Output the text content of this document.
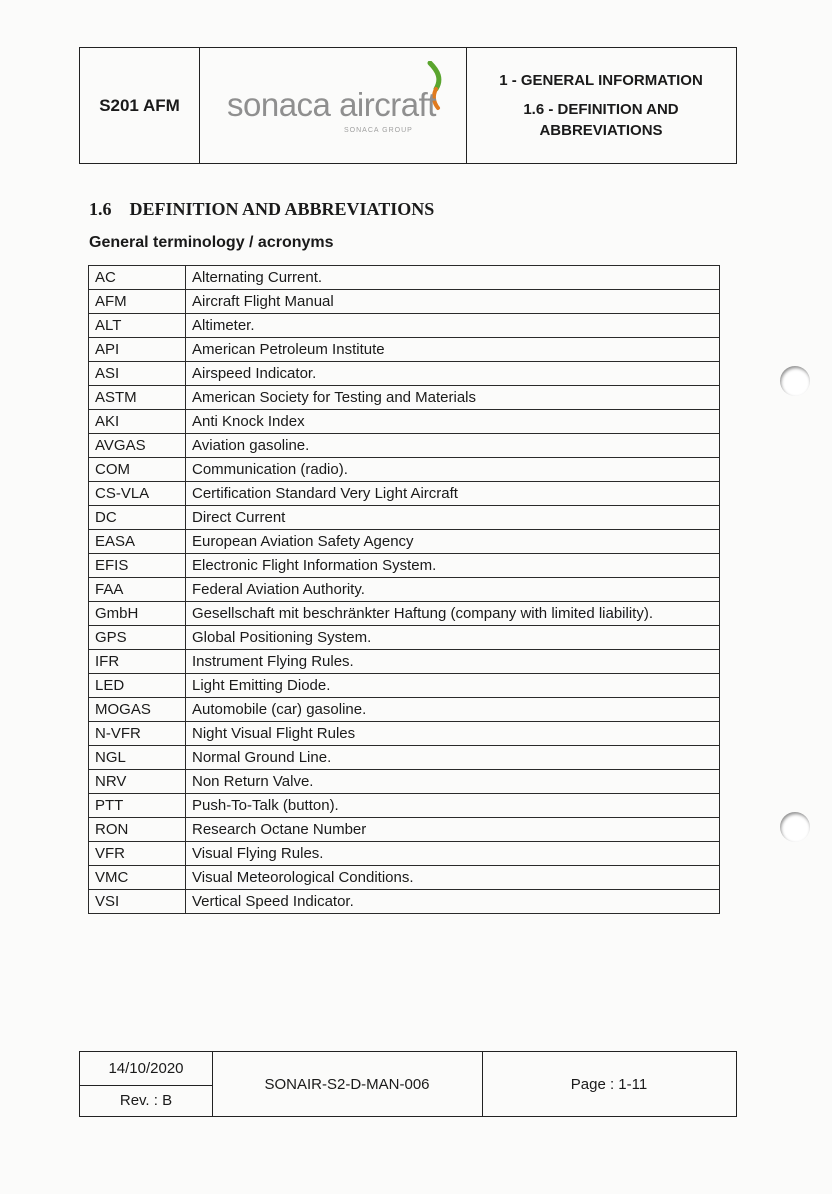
S201 AFM	sonaca aircraft
SONACA GROUP
1 - GENERAL INFORMATION
1.6 - DEFINITION AND
ABBREVIATIONS
1.6 DEFINITION AND ABBREVIATIONS
General terminology / acronyms
AC	Alternating Current.
AFM	Aircraft Flight Manual
ALT	Altimeter.
API	American Petroleum Institute
ASI	Airspeed Indicator.
ASTM	American Society for Testing and Materials
AKI	Anti Knock Index
AVGAS	Aviation gasoline.
COM	Communication (radio).
CS-VLA	Certification Standard Very Light Aircraft
DC	Direct Current
EASA	European Aviation Safety Agency
EFIS	Electronic Flight Information System.
FAA	Federal Aviation Authority.
GmbH	Gesellschaft mit beschränkter Haftung (company with limited liability).
GPS	Global Positioning System.
IFR	Instrument Flying Rules.
LED	Light Emitting Diode.
MOGAS	Automobile (car) gasoline.
N-VFR	Night Visual Flight Rules
NGL	Normal Ground Line.
NRV	Non Return Valve.
PTT	Push-To-Talk (button).
RON	Research Octane Number
VFR	Visual Flying Rules.
VMC	Visual Meteorological Conditions.
VSI	Vertical Speed Indicator.
14/10/2020
Rev. : B
SONAIR-S2-D-MAN-006	Page : 1-11
